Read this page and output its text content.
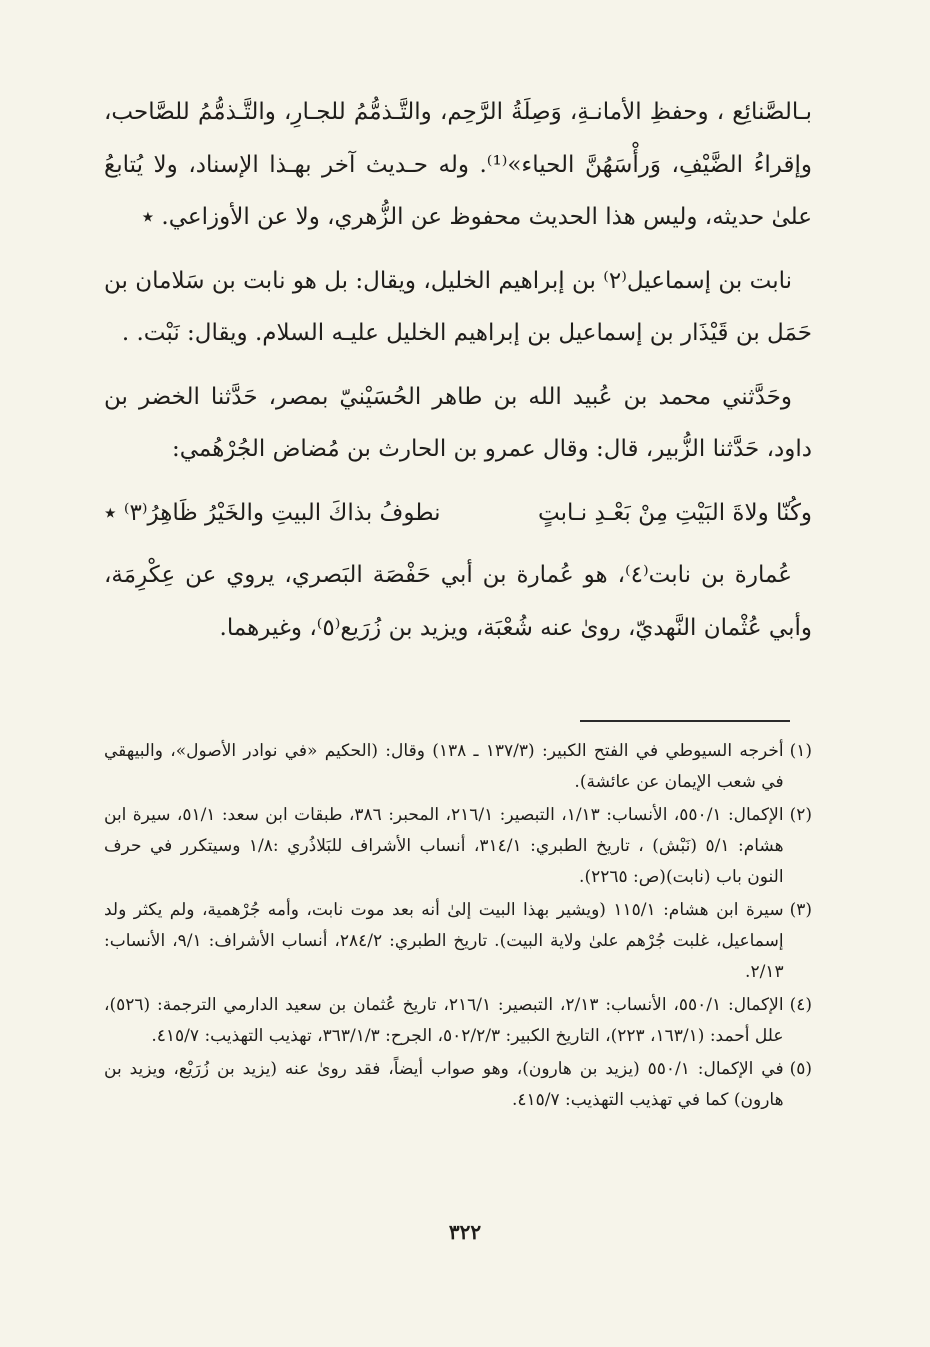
بـالصَّنائِع ، وحفظِ الأمانـةِ، وَصِلَةُ الرَّحِم، والتَّـذمُّمُ للجـارِ، والتَّـذمُّمُ للصَّاحب، وإقراءُ الضَّيْفِ، وَرأْسَهُنَّ الحياء»⁽¹⁾. وله حـديث آخر بهـذا الإسناد، ولا يُتابعُ علىٰ حديثه، وليس هذا الحديث محفوظ عن الزُّهري، ولا عن الأوزاعي. ٭

نابت بن إسماعيل⁽٢⁾ بن إبراهيم الخليل، ويقال: بل هو نابت بن سَلامان بن حَمَل بن قَيْذَار بن إسماعيل بن إبراهيم الخليل عليـه السلام. ويقال: نَبْت. .

وحَدَّثني محمد بن عُبيد الله بن طاهر الحُسَيْنيّ بمصر، حَدَّثنا الخضر بن داود، حَدَّثنا الزُّبير، قال: وقال عمرو بن الحارث بن مُضاض الجُرْهُمي:

وكُنّا ولاةَ البَيْتِ مِنْ بَعْـدِ نـابتٍ
نطوفُ بذاكَ البيتِ والخَيْرُ ظَاهِرُ⁽٣⁾ ٭

عُمارة بن نابت⁽٤⁾، هو عُمارة بن أبي حَفْصَة البَصري، يروي عن عِكْرِمَة، وأبي عُثْمان النَّهديّ، روىٰ عنه شُعْبَة، ويزيد بن زُرَيع⁽٥⁾، وغيرهما.

(١)
أخرجه السيوطي في الفتح الكبير: (١٣٧/٣ ـ ١٣٨) وقال: (الحكيم «في نوادر الأصول»، والبيهقي في شعب الإيمان عن عائشة).
(٢)
الإكمال: ٥٥٠/١، الأنساب: ١/١٣، التبصير: ٢١٦/١، المحبر: ٣٨٦، طبقات ابن سعد: ٥١/١، سيرة ابن هشام: ٥/١ (نَبْش) ، تاريخ الطبري: ٣١٤/١، أنساب الأشراف للبَلاذُري :١/٨ وسيتكرر في حرف النون باب (نابت)(ص: ٢٢٦٥).
(٣)
سيرة ابن هشام: ١١٥/١ (ويشير بهذا البيت إلىٰ أنه بعد موت نابت، وأمه جُرْهمية، ولم يكثر ولد إسماعيل، غلبت جُرْهم علىٰ ولاية البيت). تاريخ الطبري: ٢٨٤/٢، أنساب الأشراف: ٩/١، الأنساب: ٢/١٣.
(٤)
الإكمال: ٥٥٠/١، الأنساب: ٢/١٣، التبصير: ٢١٦/١، تاريخ عُثمان بن سعيد الدارمي الترجمة: (٥٢٦)، علل أحمد: (١٦٣/١، ٢٢٣)، التاريخ الكبير: ٥٠٢/٢/٣، الجرح: ٣٦٣/١/٣، تهذيب التهذيب: ٤١٥/٧.
(٥)
في الإكمال: ٥٥٠/١ (يزيد بن هارون)، وهو صواب أيضاً، فقد روىٰ عنه (يزيد بن زُرَيْع، ويزيد بن هارون) كما في تهذيب التهذيب: ٤١٥/٧.
٣٢٢
